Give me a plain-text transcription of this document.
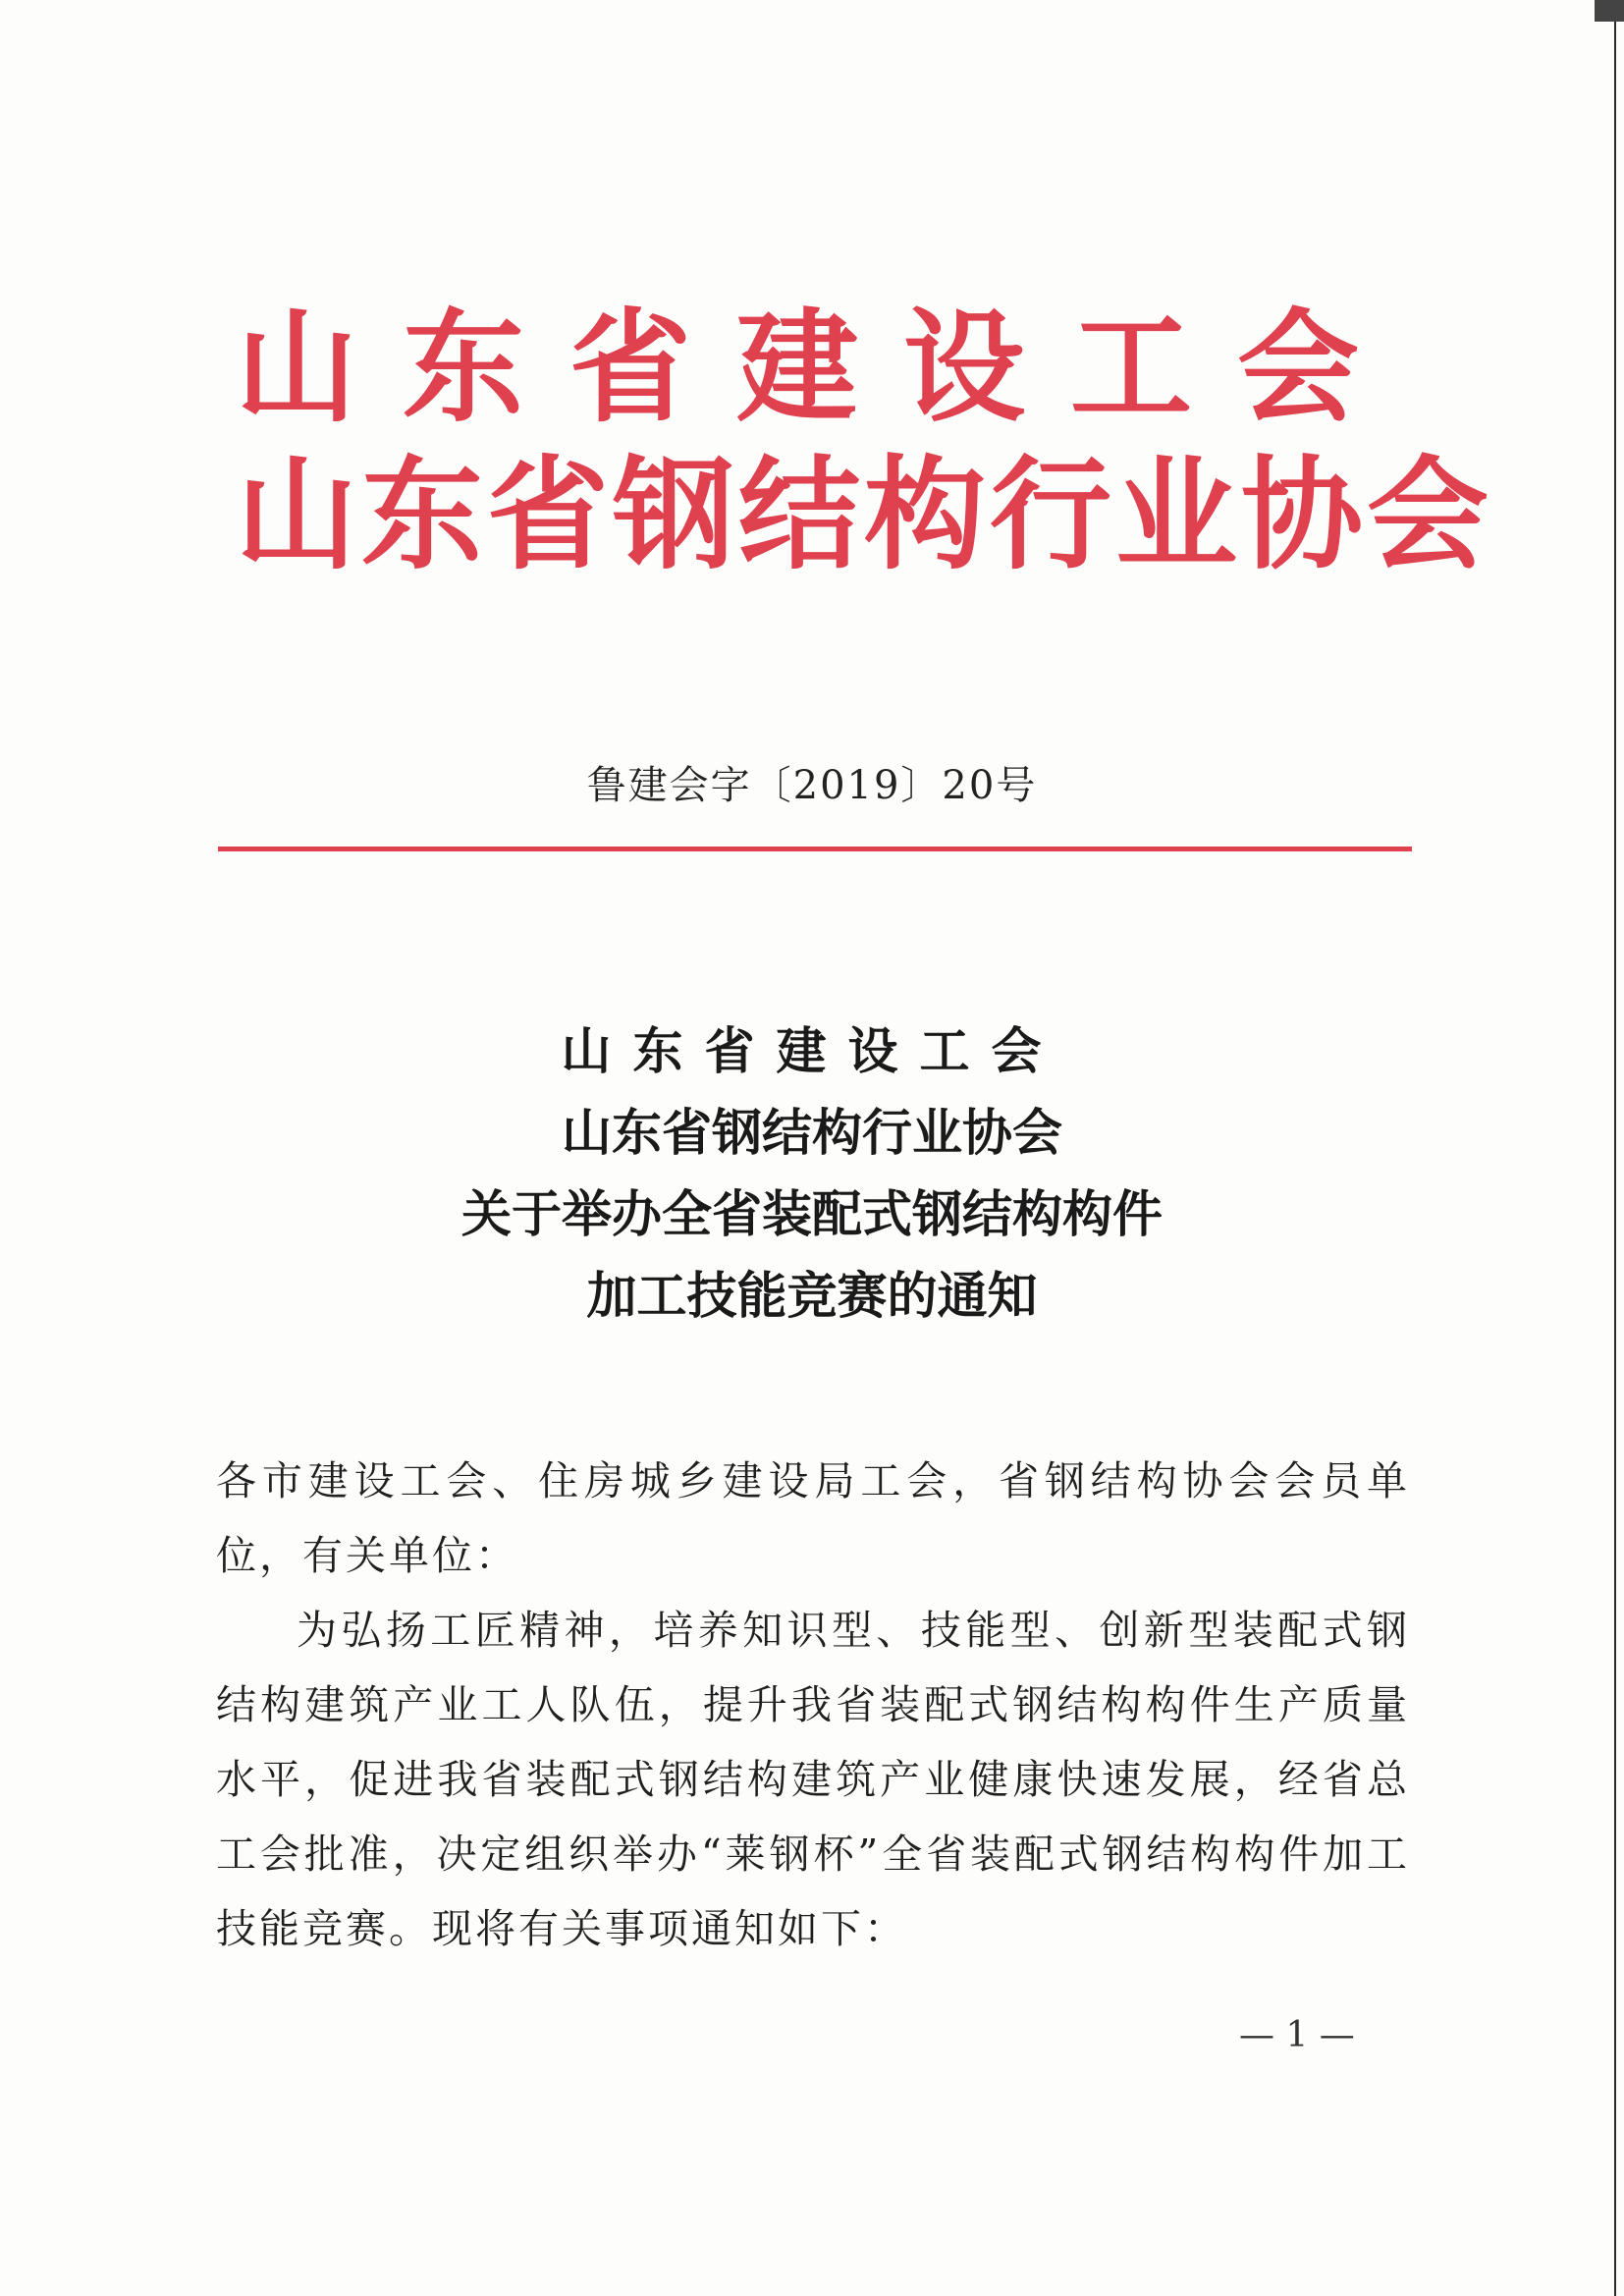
山东省建设工会
山东省钢结构行业协会
鲁建会字〔2019〕20号
山东省建设工会
山东省钢结构行业协会
关于举办全省装配式钢结构构件
加工技能竞赛的通知

各市建设工会、住房城乡建设局工会，省钢结构协会会员单位，有关单位：

为弘扬工匠精神，培养知识型、技能型、创新型装配式钢结构建筑产业工人队伍，提升我省装配式钢结构构件生产质量水平，促进我省装配式钢结构建筑产业健康快速发展，经省总工会批准，决定组织举办“莱钢杯”全省装配式钢结构构件加工技能竞赛。现将有关事项通知如下：

— 1 —
